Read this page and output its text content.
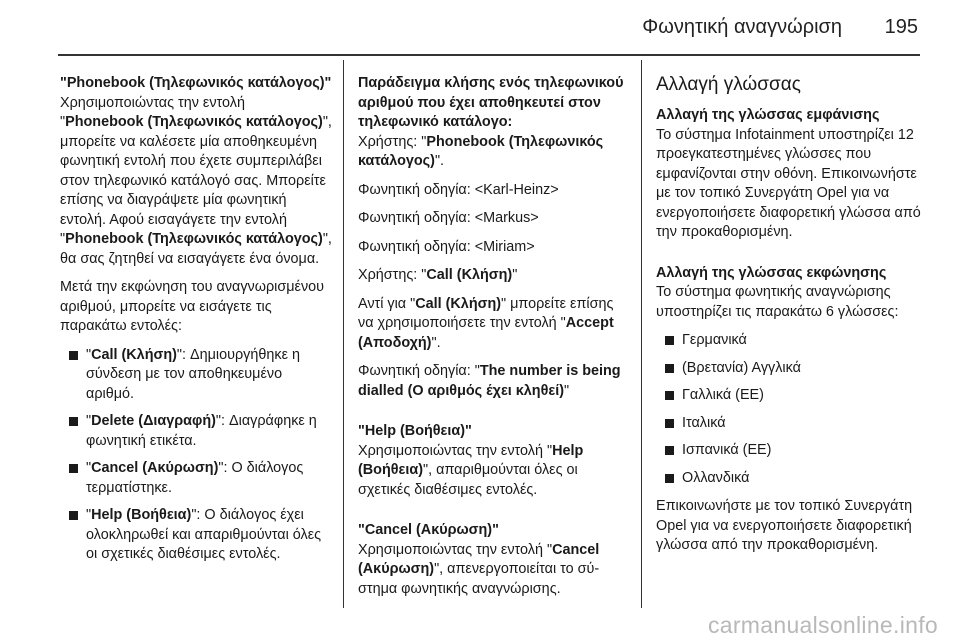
Φωνητική αναγνώριση 195

"Phonebook (Τηλεφωνικός κατάλογος)"

Χρησιμοποιώντας την εντολή "Phonebook (Τηλεφωνικός κατάλογος)", μπορείτε να καλέσετε μία αποθηκευμένη φωνητική εντολή που έχετε συμπεριλάβει στον τηλεφωνικό κατάλογό σας. Μπορείτε επίσης να διαγράψετε μία φωνητική εντολή. Αφού εισαγάγετε την εντολή "Phonebook (Τηλεφωνικός κατάλογος)", θα σας ζητηθεί να εισαγάγετε ένα όνομα.

Μετά την εκφώνηση του αναγνωρισμένου αριθμού, μπορείτε να εισάγετε τις παρακάτω εντολές:

"Call (Κλήση)": Δημιουργήθηκε η σύνδεση με τον αποθηκευμένο αριθμό.
"Delete (Διαγραφή)": Διαγράφηκε η φωνητική ετικέτα.
"Cancel (Ακύρωση)": Ο διάλογος τερματίστηκε.
"Help (Βοήθεια)": Ο διάλογος έχει ολοκληρωθεί και απαριθμούνται όλες οι σχετικές διαθέσιμες εντολές.

Παράδειγμα κλήσης ενός τηλεφωνικού αριθμού που έχει αποθηκευτεί στον τηλεφωνικό κατάλογο:

Χρήστης: "Phonebook (Τηλεφωνικός κατάλογος)".

Φωνητική οδηγία: <Karl-Heinz>

Φωνητική οδηγία: <Markus>

Φωνητική οδηγία: <Miriam>

Χρήστης: "Call (Κλήση)"

Αντί για "Call (Κλήση)" μπορείτε επίσης να χρησιμοποιήσετε την εντολή "Accept (Αποδοχή)".

Φωνητική οδηγία: "The number is being dialled (Ο αριθμός έχει κληθεί)"

"Help (Βοήθεια)"

Χρησιμοποιώντας την εντολή "Help (Βοήθεια)", απαριθμούνται όλες οι σχετικές διαθέσιμες εντολές.

"Cancel (Ακύρωση)"

Χρησιμοποιώντας την εντολή "Cancel (Ακύρωση)", απενεργοποιείται το σύστημα φωνητικής αναγνώρισης.

Αλλαγή γλώσσας

Αλλαγή της γλώσσας εμφάνισης

Το σύστημα Infotainment υποστηρίζει 12 προεγκατεστημένες γλώσσες που εμφανίζονται στην οθόνη. Επικοινωνήστε με τον τοπικό Συνεργάτη Opel για να ενεργοποιήσετε διαφορετική γλώσσα από την προκαθορισμένη.

Αλλαγή της γλώσσας εκφώνησης

Το σύστημα φωνητικής αναγνώρισης υποστηρίζει τις παρακάτω 6 γλώσσες:

Γερμανικά
(Βρετανία) Αγγλικά
Γαλλικά (ΕΕ)
Ιταλικά
Ισπανικά (ΕΕ)
Ολλανδικά

Επικοινωνήστε με τον τοπικό Συνεργάτη Opel για να ενεργοποιήσετε διαφορετική γλώσσα από την προκαθορισμένη.

carmanualsonline.info
